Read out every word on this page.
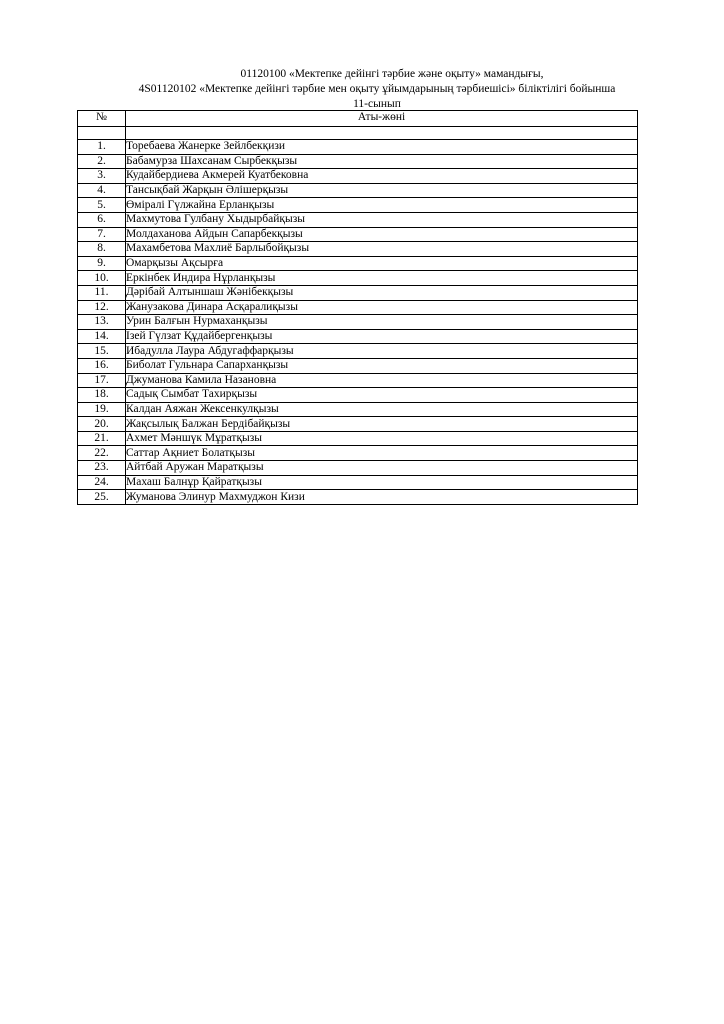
01120100 «Мектепке дейінгі тәрбие және оқыту» мамандығы,
4S01120102 «Мектепке дейінгі тәрбие мен оқыту ұйымдарының тәрбиешісі» біліктілігі бойынша
11-сынып
№	Аты-жөні

1.	Торебаева Жанерке Зейлбекқизи
2.	Бабамурза Шахсанам Сырбекқызы
3.	Кудайбердиева Акмерей Куатбековна
4.	Тансықбай Жарқын Әлішерқызы
5.	Өміралі Гүлжайна Ерланқызы
6.	Махмутова Гулбану Хыдырбайқызы
7.	Молдаханова Айдын Сапарбекқызы
8.	Махамбетова Махлиё Барлыбойқызы
9.	Омарқызы Ақсырға
10.	Еркінбек Индира Нұрланқызы
11.	Дәрібай Алтыншаш Жәнібекқызы
12.	Жанузакова Динара Асқаралиқызы
13.	Урин Балғын Нурмаханқызы
14.	Ізей Гүлзат Құдайбергенқызы
15.	Ибадулла Лаура Абдугаффарқызы
16.	Биболат Гульнара Сапарханқызы
17.	Джуманова Камила Назановна
18.	Садық Сымбат Тахирқызы
19.	Калдан Аяжан Жексенкулқызы
20.	Жақсылық Балжан Бердібайқызы
21.	Ахмет Мәншүк Мұратқызы
22.	Саттар Ақниет Болатқызы
23.	Айтбай Аружан Маратқызы
24.	Махаш Балнұр Қайратқызы
25.	Жуманова Элинур Махмуджон Кизи
